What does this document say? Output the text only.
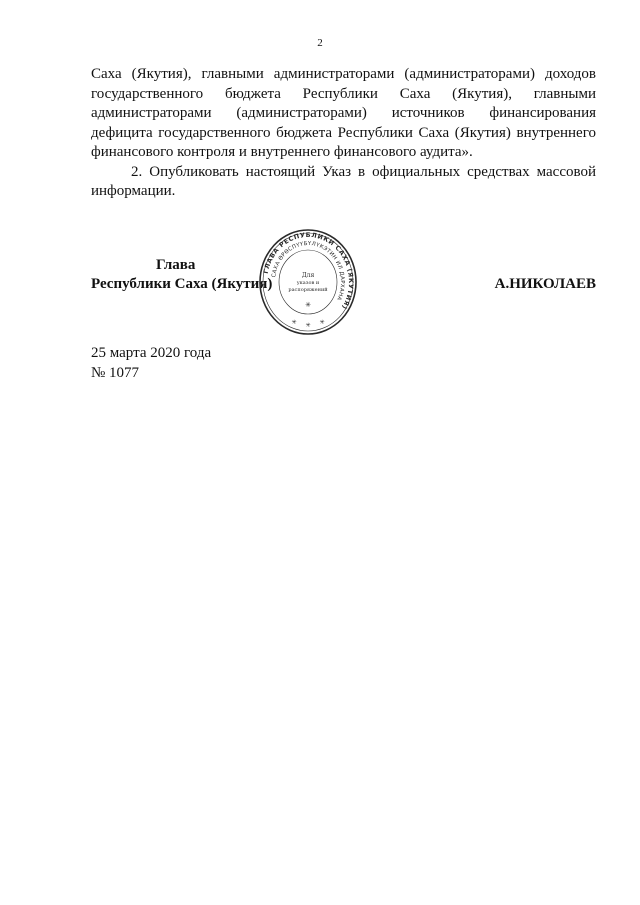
2

Саха (Якутия), главными администраторами (администраторами) доходов государственного бюджета Республики Саха (Якутия), главными администраторами (администраторами) источников финансирования дефицита государственного бюджета Республики Саха (Якутия) внутреннего финансового контроля и внутреннего финансового аудита».

2. Опубликовать настоящий Указ в официальных средствах массовой информации.

Глава
Республики Саха (Якутия)	А.НИКОЛАЕВ
ГЛАВА РЕСПУБЛИКИ САХА (ЯКУТИЯ)
САХА ӨРӨСПҮҮБҮЛҮКЭТИН ИЛ ДАРХАНА
Для
указов и
распоряжений
✳
✳ ✳ ✳
25 марта 2020 года
№ 1077
